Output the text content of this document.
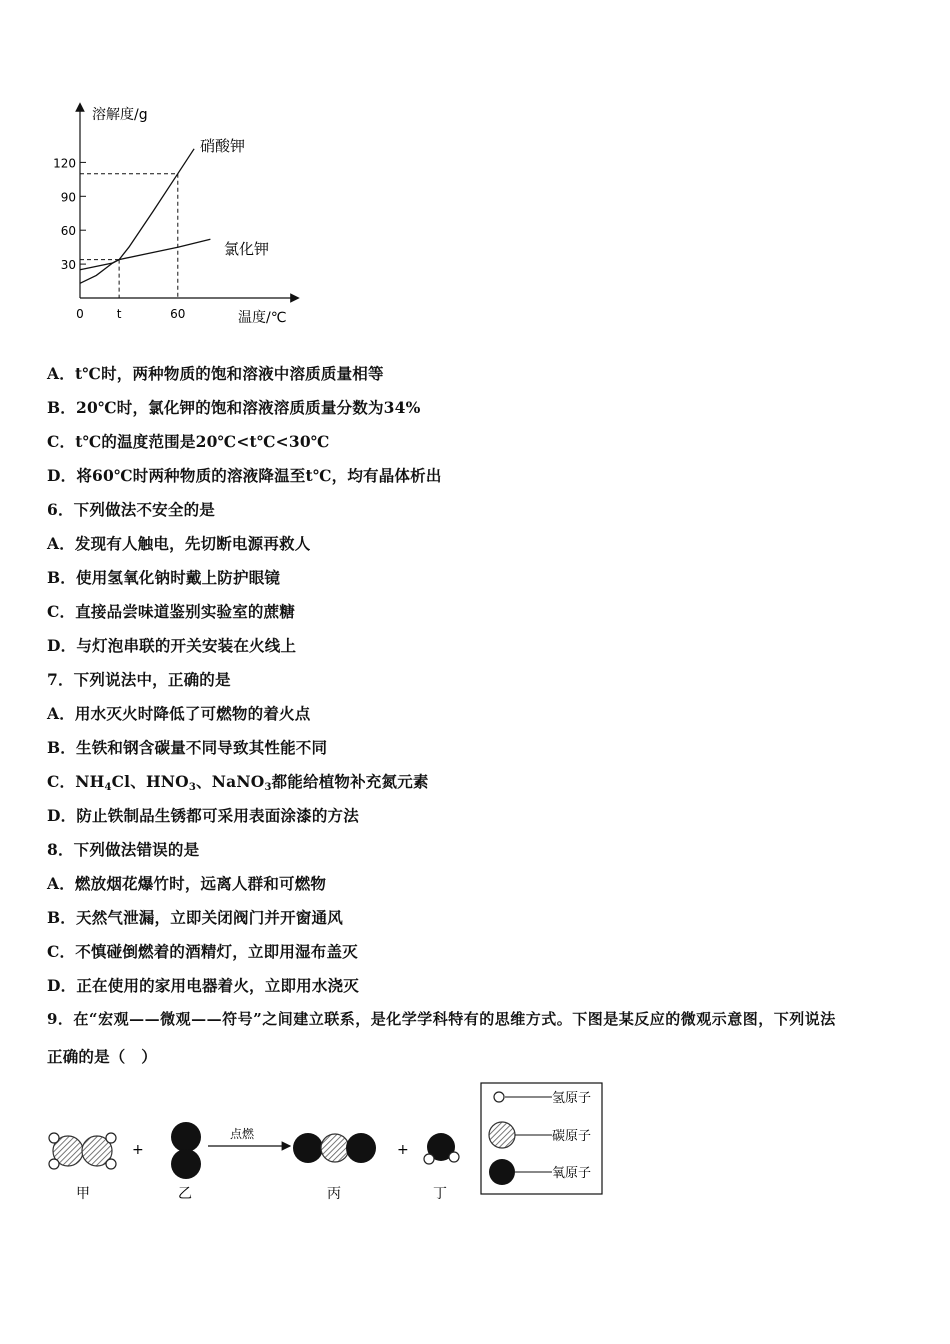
溶解度/g
温度/℃
30
60
90
120
0	t	60
硝酸钾
氯化钾
A．t℃时，两种物质的饱和溶液中溶质质量相等
B．20℃时，氯化钾的饱和溶液溶质质量分数为34%
C．t℃的温度范围是20℃<t℃<30℃
D．将60℃时两种物质的溶液降温至t℃，均有晶体析出
6．下列做法不安全的是
A．发现有人触电，先切断电源再救人
B．使用氢氧化钠时戴上防护眼镜
C．直接品尝味道鉴别实验室的蔗糖
D．与灯泡串联的开关安装在火线上
7．下列说法中，正确的是
A．用水灭火时降低了可燃物的着火点
B．生铁和钢含碳量不同导致其性能不同
C．$NH_4Cl$、$HNO_3$、NaNO$_3$都能给植物补充氮元素
D．防止铁制品生锈都可采用表面涂漆的方法
8．下列做法错误的是
A．燃放烟花爆竹时，远离人群和可燃物
B．天然气泄漏，立即关闭阀门并开窗通风
C．不慎碰倒燃着的酒精灯，立即用湿布盖灭
D．正在使用的家用电器着火，立即用水浇灭
9．在“宏观——微观——符号”之间建立联系，是化学学科特有的思维方式。下图是某反应的微观示意图，下列说法
正确的是（　）
甲
+
乙
点燃
丙
+
丁
氢原子
碳原子
氧原子
